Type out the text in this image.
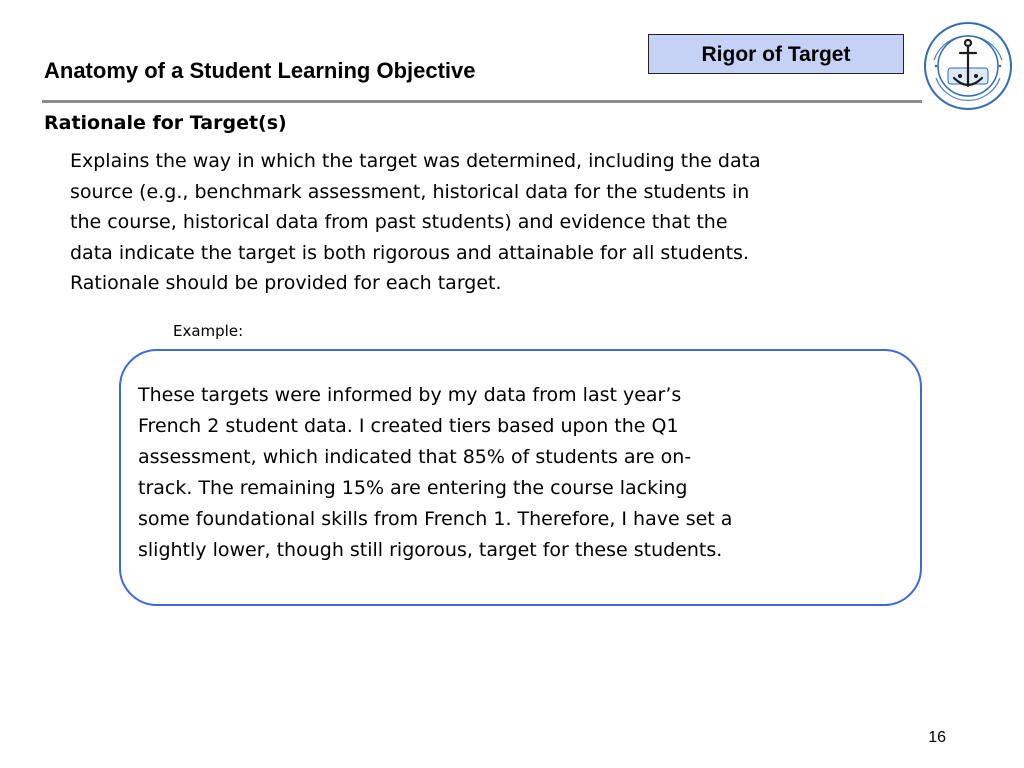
Anatomy of a Student Learning Objective
Rigor of Target
Rationale for Target(s)
Explains the way in which the target was determined, including the data
source (e.g., benchmark assessment, historical data for the students in
the course, historical data from past students) and evidence that the
data indicate the target is both rigorous and attainable for all students.
Rationale should be provided for each target.
Example:
These targets were informed by my data from last year’s
French 2 student data. I created tiers based upon the Q1
assessment, which indicated that 85% of students are on-
track. The remaining 15% are entering the course lacking
some foundational skills from French 1. Therefore, I have set a
slightly lower, though still rigorous, target for these students.
16
